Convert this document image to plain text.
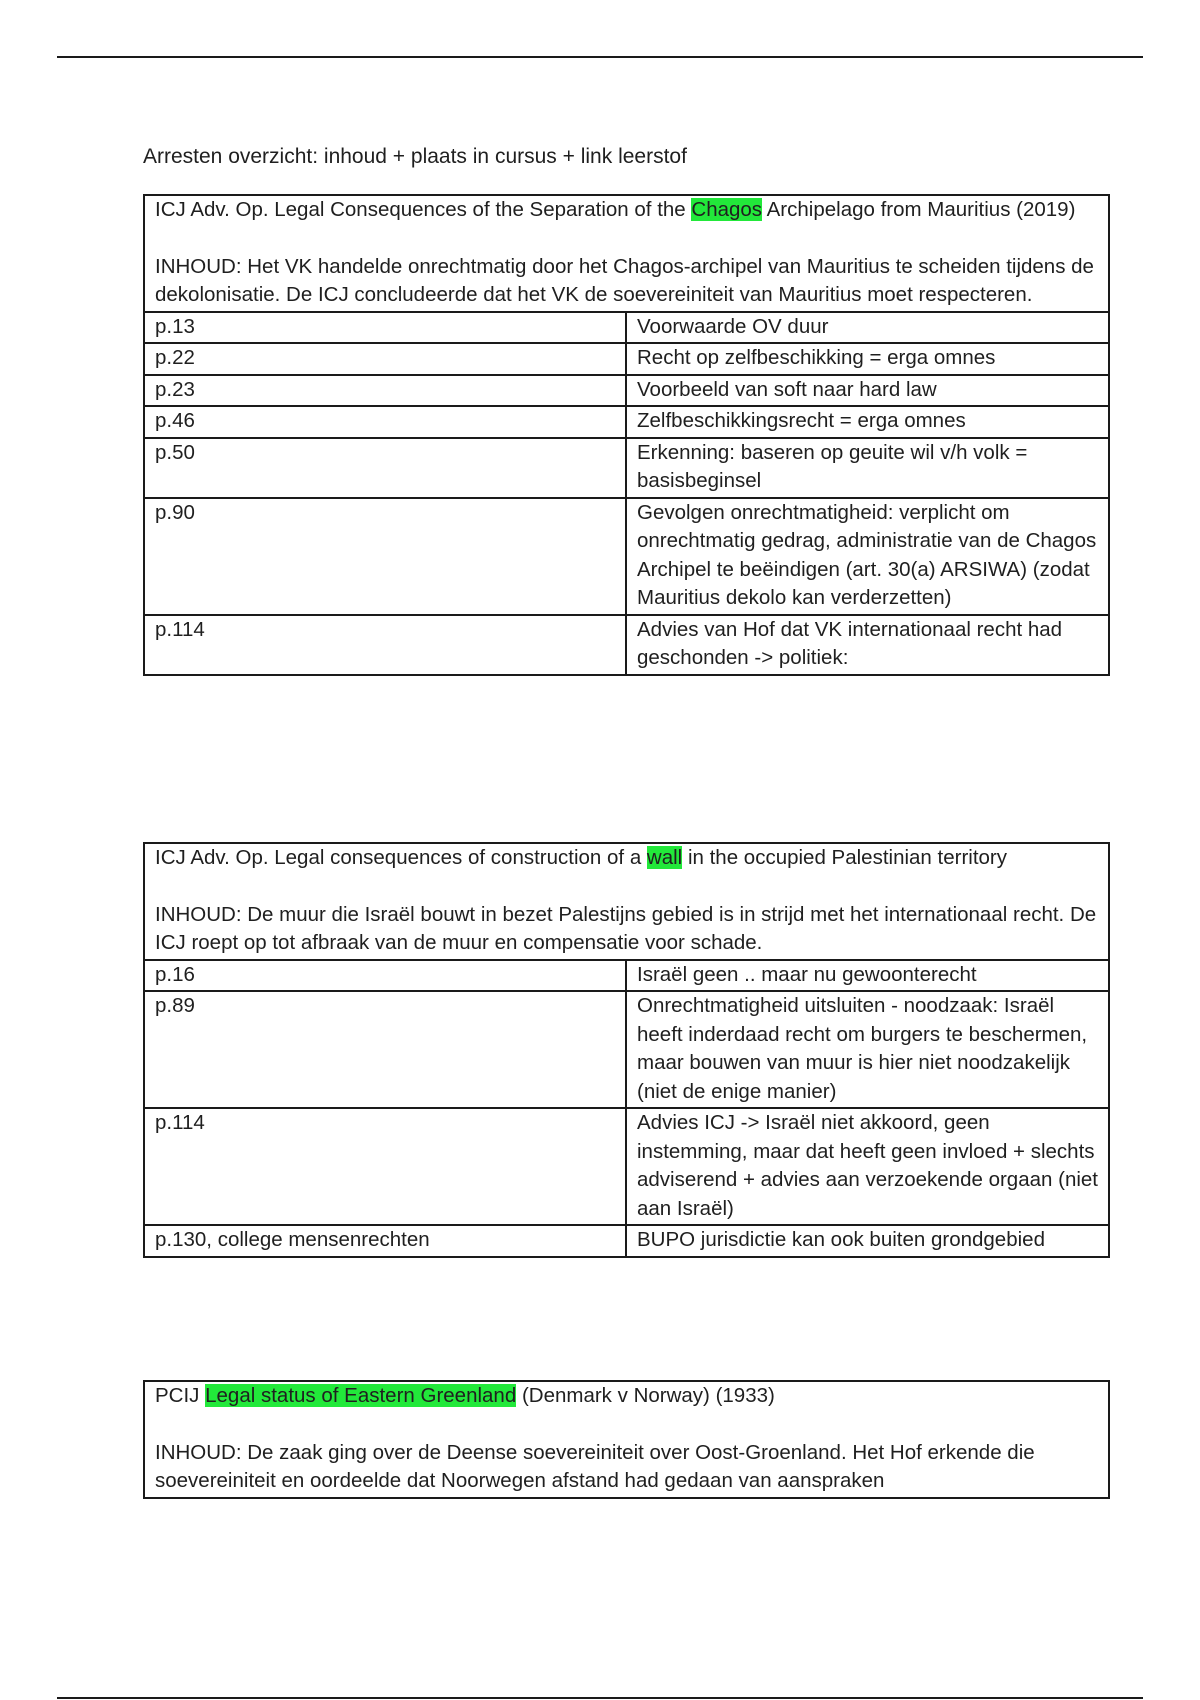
Arresten overzicht: inhoud + plaats in cursus + link leerstof

ICJ Adv. Op. Legal Consequences of the Separation of the Chagos Archipelago from Mauritius (2019)

INHOUD: Het VK handelde onrechtmatig door het Chagos-archipel van Mauritius te scheiden tijdens de dekolonisatie. De ICJ concludeerde dat het VK de soevereiniteit van Mauritius moet respecteren.	

p.13	Voorwaarde OV duur
p.22	Recht op zelfbeschikking = erga omnes
p.23	Voorbeeld van soft naar hard law
p.46	Zelfbeschikkingsrecht = erga omnes
p.50	Erkenning: baseren op geuite wil v/h volk = basisbeginsel
p.90	Gevolgen onrechtmatigheid: verplicht om onrechtmatig gedrag, administratie van de Chagos Archipel te beëindigen (art. 30(a) ARSIWA) (zodat Mauritius dekolo kan verderzetten)
p.114	Advies van Hof dat VK internationaal recht had geschonden -> politiek:

ICJ Adv. Op. Legal consequences of construction of a wall in the occupied Palestinian territory

INHOUD: De muur die Israël bouwt in bezet Palestijns gebied is in strijd met het internationaal recht. De ICJ roept op tot afbraak van de muur en compensatie voor schade.	

p.16	Israël geen .. maar nu gewoonterecht
p.89	Onrechtmatigheid uitsluiten - noodzaak: Israël heeft inderdaad recht om burgers te beschermen, maar bouwen van muur is hier niet noodzakelijk (niet de enige manier)
p.114	Advies ICJ -> Israël niet akkoord, geen instemming, maar dat heeft geen invloed + slechts adviserend + advies aan verzoekende orgaan (niet aan Israël)
p.130, college mensenrechten	BUPO jurisdictie kan ook buiten grondgebied

PCIJ Legal status of Eastern Greenland (Denmark v Norway) (1933)

INHOUD: De zaak ging over de Deense soevereiniteit over Oost-Groenland. Het Hof erkende die soevereiniteit en oordeelde dat Noorwegen afstand had gedaan van aanspraken
